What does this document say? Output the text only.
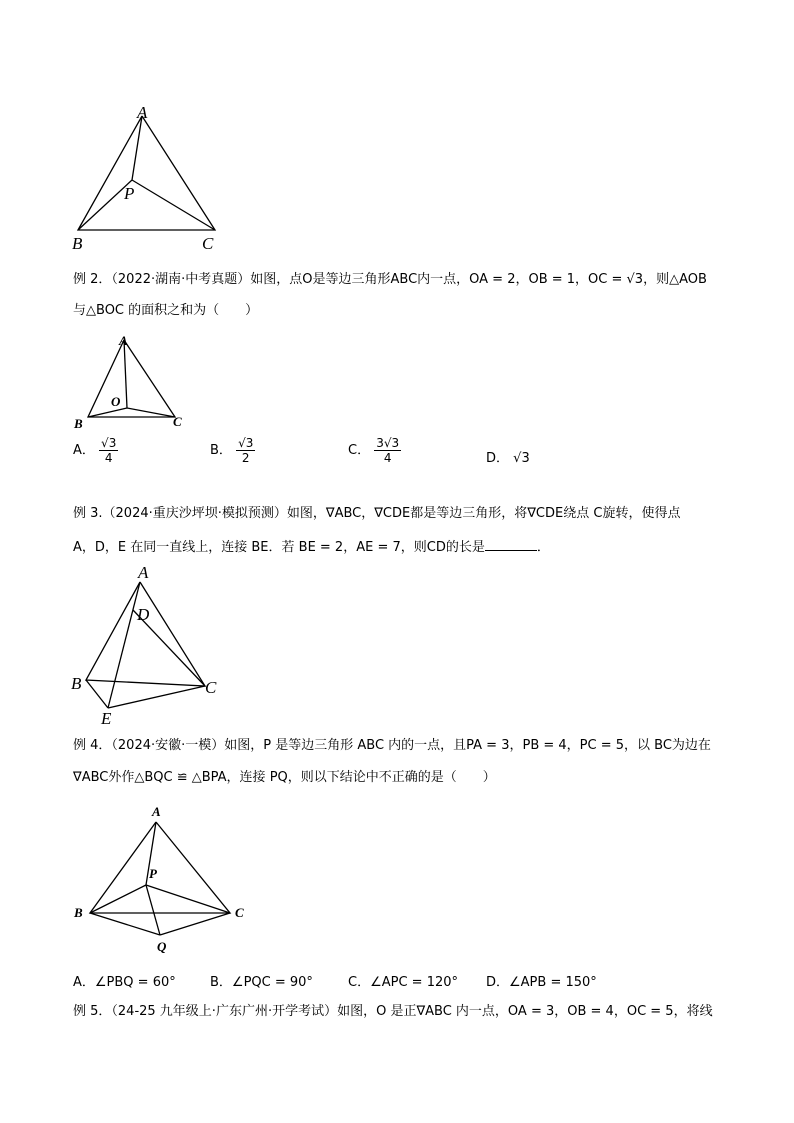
A
P
B	C
例 2．（2022·湖南·中考真题）如图，点O是等边三角形ABC内一点，OA = 2，OB = 1，OC = √3，则△AOB
与△BOC 的面积之和为（　　）
A
O
B	C
A． $\frac{√3}{4}$	B． $\frac{√3}{2}$	C． $\frac{3√3}{4}$	D． √3
例 3.（2024·重庆沙坪坝·模拟预测）如图，∇ABC，∇CDE都是等边三角形，将∇CDE绕点 C旋转，使得点
A，D，E 在同一直线上，连接 BE．若 BE = 2，AE = 7，则CD的长是	．
A
D
B	C
E
例 4．（2024·安徽·一模）如图，P 是等边三角形 ABC 内的一点，且PA = 3，PB = 4，PC = 5，以 BC为边在
∇ABC外作△BQC ≌ △BPA，连接 PQ，则以下结论中不正确的是（　　）
A
P
B	C
Q
A．∠PBQ = 60°	B．∠PQC = 90°	C．∠APC = 120° D．∠APB = 150°
例 5．（24-25 九年级上·广东广州·开学考试）如图，O 是正∇ABC 内一点，OA = 3，OB = 4，OC = 5，将线
